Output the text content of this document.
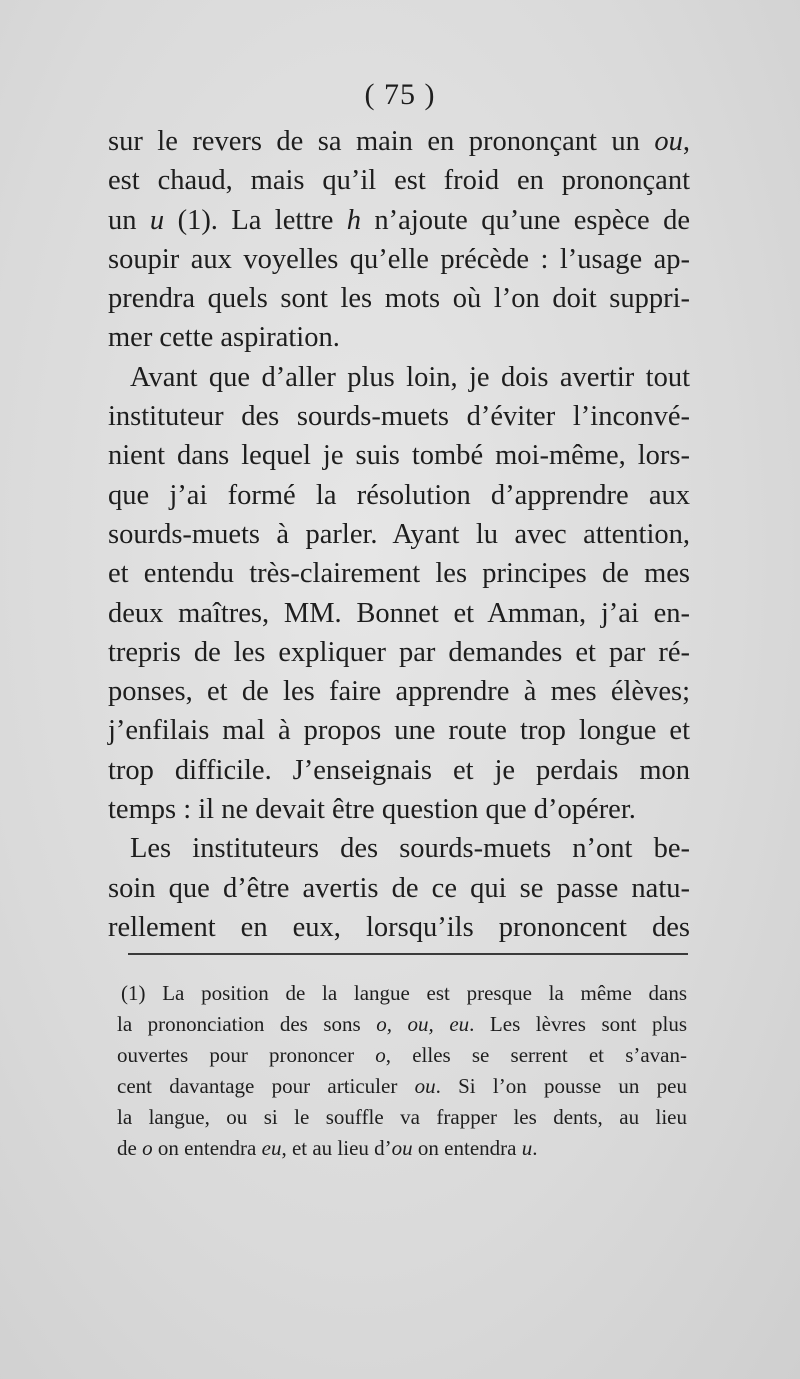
( 75 )
sur le revers de sa main en prononçant un ou,
est chaud, mais qu’il est froid en prononçant
un u (1). La lettre h n’ajoute qu’une espèce de
soupir aux voyelles qu’elle précède : l’usage ap-
prendra quels sont les mots où l’on doit suppri-
mer cette aspiration.
Avant que d’aller plus loin, je dois avertir tout
instituteur des sourds-muets d’éviter l’inconvé-
nient dans lequel je suis tombé moi-même, lors-
que j’ai formé la résolution d’apprendre aux
sourds-muets à parler. Ayant lu avec attention,
et entendu très-clairement les principes de mes
deux maîtres, MM. Bonnet et Amman, j’ai en-
trepris de les expliquer par demandes et par ré-
ponses, et de les faire apprendre à mes élèves;
j’enfilais mal à propos une route trop longue et
trop difficile. J’enseignais et je perdais mon
temps : il ne devait être question que d’opérer.
Les instituteurs des sourds-muets n’ont be-
soin que d’être avertis de ce qui se passe natu-
rellement en eux, lorsqu’ils prononcent des
(1) La position de la langue est presque la même dans
la prononciation des sons o, ou, eu. Les lèvres sont plus
ouvertes pour prononcer o, elles se serrent et s’avan-
cent davantage pour articuler ou. Si l’on pousse un peu
la langue, ou si le souffle va frapper les dents, au lieu
de o on entendra eu, et au lieu d’ou on entendra u.
